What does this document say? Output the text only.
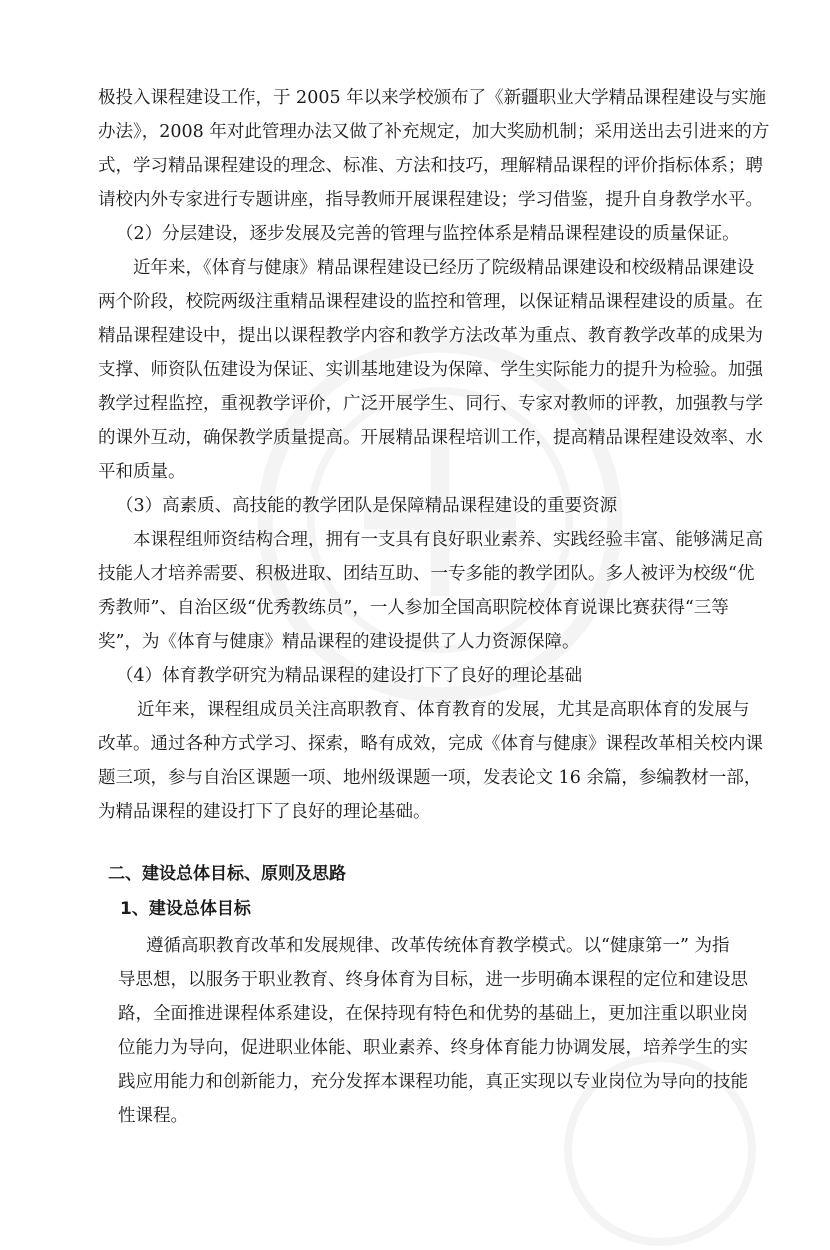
极投入课程建设工作，于 2005 年以来学校颁布了《新疆职业大学精品课程建设与实施
办法》，2008 年对此管理办法又做了补充规定，加大奖励机制；采用送出去引进来的方
式，学习精品课程建设的理念、标准、方法和技巧，理解精品课程的评价指标体系；聘
请校内外专家进行专题讲座，指导教师开展课程建设；学习借鉴，提升自身教学水平。
（2）分层建设，逐步发展及完善的管理与监控体系是精品课程建设的质量保证。
近年来，《体育与健康》精品课程建设已经历了院级精品课建设和校级精品课建设
两个阶段，校院两级注重精品课程建设的监控和管理，以保证精品课程建设的质量。在
精品课程建设中，提出以课程教学内容和教学方法改革为重点、教育教学改革的成果为
支撑、师资队伍建设为保证、实训基地建设为保障、学生实际能力的提升为检验。加强
教学过程监控，重视教学评价，广泛开展学生、同行、专家对教师的评教，加强教与学
的课外互动，确保教学质量提高。开展精品课程培训工作，提高精品课程建设效率、水
平和质量。
（3）高素质、高技能的教学团队是保障精品课程建设的重要资源
本课程组师资结构合理，拥有一支具有良好职业素养、实践经验丰富、能够满足高
技能人才培养需要、积极进取、团结互助、一专多能的教学团队。多人被评为校级“优
秀教师”、自治区级“优秀教练员”，一人参加全国高职院校体育说课比赛获得“三等
奖”，为《体育与健康》精品课程的建设提供了人力资源保障。
（4）体育教学研究为精品课程的建设打下了良好的理论基础
近年来，课程组成员关注高职教育、体育教育的发展，尤其是高职体育的发展与
改革。通过各种方式学习、探索，略有成效，完成《体育与健康》课程改革相关校内课
题三项，参与自治区课题一项、地州级课题一项，发表论文 16 余篇，参编教材一部，
为精品课程的建设打下了良好的理论基础。
二、建设总体目标、原则及思路
1、建设总体目标
遵循高职教育改革和发展规律、改革传统体育教学模式。以“健康第一” 为指
导思想，以服务于职业教育、终身体育为目标，进一步明确本课程的定位和建设思
路，全面推进课程体系建设，在保持现有特色和优势的基础上，更加注重以职业岗
位能力为导向，促进职业体能、职业素养、终身体育能力协调发展，培养学生的实
践应用能力和创新能力，充分发挥本课程功能，真正实现以专业岗位为导向的技能
性课程。
